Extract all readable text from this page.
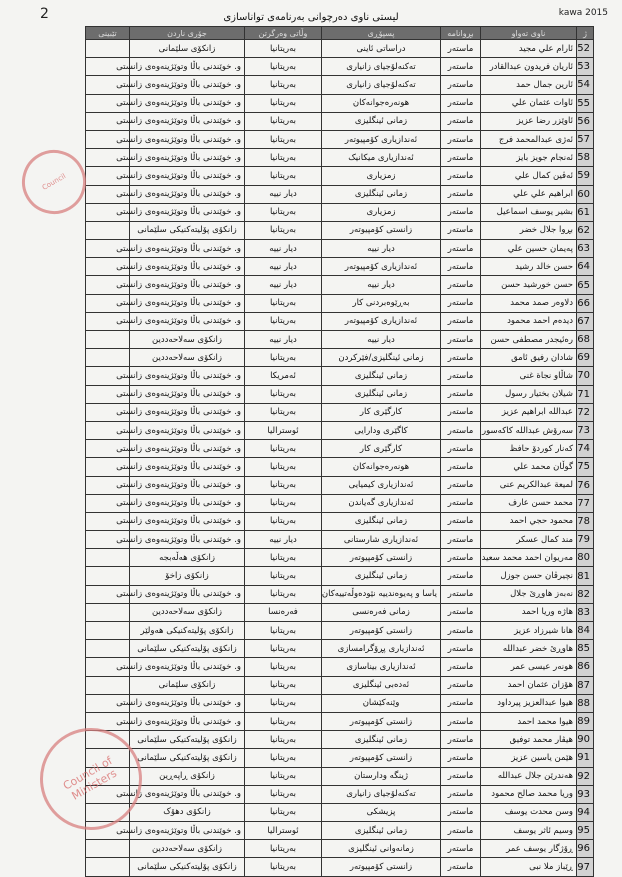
2	kawa 2015
لیستی ناوی دەرچوانی بەرنامەی تواناسازی
ژ	ناوی تەواو	بڕوانامە	پسپۆڕی	وڵاتی وەرگرتن	جۆری ناردن	تێبینی
52	ئارام علي مجيد	ماستەر	دراساتی ئاینی	بەریتانیا	زانکۆی سلێمانی	
53	ئاريان فريدون عبدالقادر	ماستەر	تەکنەلۆجیای زانیاری	بەریتانیا	و. خوێندنی باڵا وتوێژینەوەی زانستی	
54	ئارين جمال حمد	ماستەر	تەکنەلۆجیای زانیاری	بەریتانیا	و. خوێندنی باڵا وتوێژینەوەی زانستی	
55	ئاوات عثمان علي	ماستەر	هونەرەجوانەکان	بەریتانیا	و. خوێندنی باڵا وتوێژینەوەی زانستی	
56	ئاوێزر رضا عزيز	ماستەر	زمانی ئینگلیزی	بەریتانیا	و. خوێندنی باڵا وتوێژینەوەی زانستی	
57	ئەژى عبدالمحمد فرج	ماستەر	ئەندازیاری کۆمپیوتەر	بەریتانیا	و. خوێندنی باڵا وتوێژینەوەی زانستی	
58	ئەنجام جويز بايز	ماستەر	ئەندازیاری میکانیک	بەریتانیا	و. خوێندنی باڵا وتوێژینەوەی زانستی	
59	ئەڤين كمال علي	ماستەر	زمزیاری	بەریتانیا	و. خوێندنی باڵا وتوێژینەوەی زانستی	
60	ابراهيم علي علي	ماستەر	زمانی ئینگلیزی	دیار نییە	و. خوێندنی باڵا وتوێژینەوەی زانستی	
61	بشير يوسف اسماعيل	ماستەر	زمزیاری	بەریتانیا	و. خوێندنی باڵا وتوێژینەوەی زانستی	
62	بڕوا جلال خضر	ماستەر	زانستی کۆمپیوتەر	بەریتانیا	زانکۆی پۆلیتەکنیکی سلێمانی	
63	پەیمان حسين علي	ماستەر	دیار نییە	دیار نییە	و. خوێندنی باڵا وتوێژینەوەی زانستی	
64	حسن خالد رشيد	ماستەر	ئەندازیاری کۆمپیوتەر	دیار نییە	و. خوێندنی باڵا وتوێژینەوەی زانستی	
65	حسن خورشيد حسن	ماستەر	دیار نییە	دیار نییە	و. خوێندنی باڵا وتوێژینەوەی زانستی	
66	دلاوەر صمد محمد	ماستەر	بەڕێوەبردنی کار	بەریتانیا	و. خوێندنی باڵا وتوێژینەوەی زانستی	
67	ديدەم احمد محمود	ماستەر	ئەندازیاری کۆمپیوتەر	بەریتانیا	و. خوێندنی باڵا وتوێژینەوەی زانستی	
68	رەئیجدر مصطفى حسن	ماستەر	دیار نییە	دیار نییە	زانکۆی سەلاحەددین	
69	شادان رفيق ئامق	ماستەر	زمانی ئینگلیزی/فێرکردن	بەریتانیا	زانکۆی سەلاحەددین	
70	شاڵاو نجاة غنی	ماستەر	زمانی ئینگلیزی	ئەمریکا	و. خوێندنی باڵا وتوێژینەوەی زانستی	
71	شيلان بختيار رسول	ماستەر	زمانی ئینگلیزی	بەریتانیا	و. خوێندنی باڵا وتوێژینەوەی زانستی	
72	عبدالله ابراهيم عزيز	ماستەر	کارگێری کار	بەریتانیا	و. خوێندنی باڵا وتوێژینەوەی زانستی	
73	سەرۆش عبدالله کاکەسور	ماستەر	کاگێری ودارایی	ئوستراليا	و. خوێندنی باڵا وتوێژینەوەی زانستی	
74	كەنار كوردۆ حافظ	ماستەر	کارگێری کار	بەریتانیا	و. خوێندنی باڵا وتوێژینەوەی زانستی	
75	گوڵان محمد علي	ماستەر	هونەرەجوانەکان	بەریتانیا	و. خوێندنی باڵا وتوێژینەوەی زانستی	
76	لميعة عبدالكريم عنى	ماستەر	ئەندازیاری کیمیایی	بەریتانیا	و. خوێندنی باڵا وتوێژینەوەی زانستی	
77	محمد حسن عارف	ماستەر	ئەندازیاری گەیاندن	بەریتانیا	و. خوێندنی باڵا وتوێژینەوەی زانستی	
78	محمود حجي احمد	ماستەر	زمانی ئینگلیزی	بەریتانیا	و. خوێندنی باڵا وتوێژینەوەی زانستی	
79	مند كمال عسكر	ماستەر	ئەندازیاری شارستانی	دیار نییە	و. خوێندنی باڵا وتوێژینەوەی زانستی	
80	مەريوان احمد محمد سعيد	ماستەر	زانستی کۆمپیوتەر	بەریتانیا	زانکۆی هەڵەبجە	
81	نچيرڤان حسن جوزل	ماستەر	زمانی ئینگلیزی	بەریتانیا	زانکۆی زاخۆ	
82	نەبەز هاوڕێ جلال	ماستەر	یاسا و پەیوەندییە نێودەوڵەتییەکان	بەریتانیا	و. خوێندنی باڵا وتوێژینەوەی زانستی	
83	هاژە وریا احمد	ماستەر	زمانی فەرەنسی	فەرەنسا	زانکۆی سەلاحەددین	
84	هانا شيرزاد عزيز	ماستەر	زانستی کۆمپیوتەر	بەریتانیا	زانکۆی پۆلیتەکنیکی هەولێر	
85	هاوڕێ خضر عبدالله	ماستەر	ئەندازیاری پڕۆگرامسازی	بەریتانیا	زانکۆی پۆلیتەکنیکی سلێمانی	
86	هونەر عيسى عمر	ماستەر	ئەندازیاری بیناسازی	بەریتانیا	و. خوێندنی باڵا وتوێژینەوەی زانستی	
87	هۆزان عثمان احمد	ماستەر	ئەدەبی ئینگلیزی	بەریتانیا	زانکۆی سلێمانی	
88	هيوا عبدالعزيز پيرداود	ماستەر	وێنەکێشان	بەریتانیا	و. خوێندنی باڵا وتوێژینەوەی زانستی	
89	هيوا محمد احمد	ماستەر	زانستی کۆمپیوتەر	بەریتانیا	و. خوێندنی باڵا وتوێژینەوەی زانستی	
90	هيڤار محمد توفيق	ماستەر	زمانی ئینگلیزی	بەریتانیا	زانکۆی پۆلیتەکنیکی سلێمانی	
91	هێمن ياسين عزيز	ماستەر	زانستی کۆمپیوتەر	بەریتانیا	زانکۆی پۆلیتەکنیکی سلێمانی	
92	هەندرێن جلال عبدالله	ماستەر	ژینگە ودارستان	بەریتانیا	زانکۆی ڕاپەڕین	
93	وريا محمد صالح محمود	ماستەر	تەکنەلۆجیای زانیاری	بەریتانیا	و. خوێندنی باڵا وتوێژینەوەی زانستی	
94	وسن محدت يوسف	ماستەر	پزیشکی	بەریتانیا	زانکۆی دهۆک	
95	وسيم ئاثر يوسف	ماستەر	زمانی ئینگلیزی	ئوستراليا	و. خوێندنی باڵا وتوێژینەوەی زانستی	
96	ڕۆژگار يوسف عمر	ماستەر	زمانەوانی ئینگلیزی	بەریتانیا	زانکۆی سەلاحەددین	
97	ڕێباز ملا نبی	ماستەر	زانستی کۆمپیوتەر	بەریتانیا	زانکۆی پۆلیتەکنیکی سلێمانی	
Council
Council of Ministers
